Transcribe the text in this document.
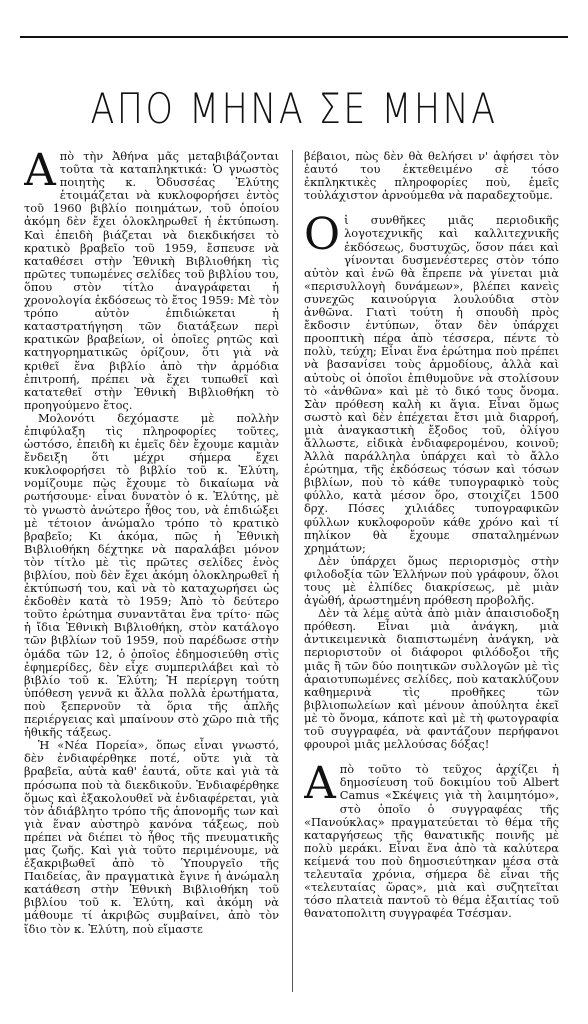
ΑΠΟ ΜΗΝΑ ΣΕ ΜΗΝΑ

Απὸ τὴν Ἀθήνα μᾶς μεταβιβάζονται τοῦτα τὰ καταπληκτικά: Ὁ γνωστὸς ποιητὴς κ. Ὀδυσσέας Ἐλύτης ἑτοιμάζεται νὰ κυκλοφορήσει ἐντὸς τοῦ 1960 βιβλίο ποιημάτων, τοῦ ὁποίου ἀκόμη δὲν ἔχει ὁλοκληρωθεῖ ἡ ἐκτύπωση. Καὶ ἐπειδὴ βιάζεται νὰ διεκδικήσει τὸ κρατικὸ βραβεῖο τοῦ 1959, ἔσπευσε νὰ καταθέσει στὴν Ἐθνικὴ Βιβλιοθήκη τὶς πρῶτες τυπωμένες σελίδες τοῦ βιβλίου του, ὅπου στὸν τίτλο ἀναγράφεται ἡ χρονολογία ἐκδόσεως τὸ ἔτος 1959: Μὲ τὸν τρόπο αὐτὸν ἐπιδιώκεται ἡ καταστρατήγηση τῶν διατάξεων περὶ κρατικῶν βραβείων, οἱ ὁποῖες ρητῶς καὶ κατηγορηματικῶς ὁρίζουν, ὅτι γιὰ νὰ κριθεῖ ἕνα βιβλίο ἀπὸ τὴν ἁρμόδια ἐπιτροπή, πρέπει νὰ ἔχει τυπωθεῖ καὶ κατατεθεῖ στὴν Ἐθνικὴ Βιβλιοθήκη τὸ προηγούμενο ἔτος.

Μολονότι δεχόμαστε μὲ πολλὴν ἐπιφύλαξη τὶς πληροφορίες τοῦτες, ὡστόσο, ἐπειδὴ κι ἐμεῖς δὲν ἔχουμε καμιὰν ἔνδειξη ὅτι μέχρι σήμερα ἔχει κυκλοφορήσει τὸ βιβλίο τοῦ κ. Ἐλύτη, νομίζουμε πὼς ἔχουμε τὸ δικαίωμα νὰ ρωτήσουμε· εἶναι δυνατὸν ὁ κ. Ἐλύτης, μὲ τὸ γνωστὸ ἀνώτερο ἦθος του, νὰ ἐπιδιώξει μὲ τέτοιον ἀνώμαλο τρόπο τὸ κρατικὸ βραβεῖο; Κι ἀκόμα, πῶς ἡ Ἐθνικὴ Βιβλιοθήκη δέχτηκε νὰ παραλάβει μόνον τὸν τίτλο μὲ τὶς πρῶτες σελίδες ἑνὸς βιβλίου, ποὺ δὲν ἔχει ἀκόμη ὁλοκληρωθεῖ ἡ ἐκτύπωσή του, καὶ νὰ τὸ καταχωρήσει ὡς ἐκδοθὲν κατὰ τὸ 1959; Ἀπὸ τὸ δεύτερο τοῦτο ἐρώτημα συναντᾶται ἕνα τρίτο· πῶς ἡ ἴδια Ἐθνικὴ Βιβλιοθήκη, στὸν κατάλογο τῶν βιβλίων τοῦ 1959, ποὺ παρέδωσε στὴν ὁμάδα τῶν 12, ὁ ὁποῖος ἐδημοσιεύθη στὶς ἐφημερίδες, δὲν εἶχε συμπεριλάβει καὶ τὸ βιβλίο τοῦ κ. Ἐλύτη; Ἡ περίεργη τούτη ὑπόθεση γεννᾶ κι ἄλλα πολλὰ ἐρωτήματα, ποὺ ξεπερνοῦν τὰ ὅρια τῆς ἁπλῆς περιέργειας καὶ μπαίνουν στὸ χῶρο πιὰ τῆς ἠθικῆς τάξεως.

Ἡ «Νέα Πορεία», ὅπως εἶναι γνωστό, δὲν ἐνδιαφέρθηκε ποτέ, οὔτε γιὰ τὰ βραβεῖα, αὐτὰ καθ' ἑαυτά, οὔτε καὶ γιὰ τὰ πρόσωπα ποὺ τὰ διεκδικοῦν. Ἐνδιαφέρθηκε ὅμως καὶ ἐξακολουθεῖ νὰ ἐνδιαφέρεται, γιὰ τὸν ἀδιάβλητο τρόπο τῆς ἀπονομῆς των καὶ γιὰ ἕναν αὐστηρὸ κανόνα τάξεως, ποὺ πρέπει νὰ διέπει τὸ ἦθος τῆς πνευματικῆς μας ζωῆς. Καὶ γιὰ τοῦτο περιμένουμε, νὰ ἐξακριβωθεῖ ἀπὸ τὸ Ὑπουργεῖο τῆς Παιδείας, ἂν πραγματικὰ ἔγινε ἡ ἀνώμαλη κατάθεση στὴν Ἐθνικὴ Βιβλιοθήκη τοῦ βιβλίου τοῦ κ. Ἐλύτη, καὶ ἀκόμη νὰ μάθουμε τί ἀκριβῶς συμβαίνει, ἀπὸ τὸν ἴδιο τὸν κ. Ἐλύτη, ποὺ εἴμαστε

βέβαιοι, πὼς δὲν θὰ θελήσει ν' ἀφήσει τὸν ἑαυτό του ἐκτεθειμένο σὲ τόσο ἐκπληκτικὲς πληροφορίες ποὺ, ἐμεῖς τοὐλάχιστον ἀρνούμεθα νὰ παραδεχτοῦμε.

Οἱ συνθῆκες μιᾶς περιοδικῆς λογοτεχνικῆς καὶ καλλιτεχνικῆς ἐκδόσεως, δυστυχῶς, ὅσον πάει καὶ γίνονται δυσμενέστερες στὸν τόπο αὐτὸν καὶ ἐνῶ θὰ ἔπρεπε νὰ γίνεται μιὰ «περισυλλογὴ δυνάμεων», βλέπει κανεὶς συνεχῶς καινούργια λουλούδια στὸν ἀνθῶνα. Γιατὶ τούτη ἡ σπουδὴ πρὸς ἔκδοσιν ἐντύπων, ὅταν δὲν ὑπάρχει προοπτικὴ πέρα ἀπὸ τέσσερα, πέντε τὸ πολὺ, τεύχη; Εἶναι ἕνα ἐρώτημα ποὺ πρέπει νὰ βασανίσει τοὺς ἁρμοδίους, ἀλλὰ καὶ αὐτοὺς οἱ ὁποῖοι ἐπιθυμοῦνε νὰ στολίσουν τὸ «ἀνθῶνα» καὶ μὲ τὸ δικό τους ὄνομα. Σὰν πρόθεση καλὴ κι ἅγια. Εἶναι ὅμως σωστὸ καὶ δὲν ἐπέχεται ἔτσι μιὰ διαρροή, μιὰ ἀναγκαστικὴ ἔξοδος τοῦ, ὀλίγου ἄλλωστε, εἰδικὰ ἐνδιαφερομένου, κοινοῦ; Ἀλλὰ παράλληλα ὑπάρχει καὶ τὸ ἄλλο ἐρώτημα, τῆς ἐκδόσεως τόσων καὶ τόσων βιβλίων, ποὺ τὸ κάθε τυπογραφικὸ τοὺς φύλλο, κατὰ μέσον ὅρο, στοιχίζει 1500 δρχ. Πόσες χιλιάδες τυπογραφικῶν φύλλων κυκλοφοροῦν κάθε χρόνο καὶ τί πηλίκον θὰ ἔχουμε σπαταλημένων χρημάτων;

Δὲν ὑπάρχει ὅμως περιορισμὸς στὴν φιλοδοξία τῶν Ἑλλήνων ποὺ γράφουν, ὅλοι τους μὲ ἐλπίδες διακρίσεως, μὲ μιὰν ἀγὼθή, ἀρωστημένη πρόθεση προβολῆς.

Δὲν τὰ λέμε αὐτὰ ἀπὸ μιὰν ἀπαισιοδοξη πρόθεση. Εἶναι μιὰ ἀνάγκη, μιὰ ἀντικειμενικὰ διαπιστωμένη ἀνάγκη, νὰ περιοριστοῦν οἱ διάφοροι φιλόδοξοι τῆς μιᾶς ἢ τῶν δύο ποιητικῶν συλλογῶν μὲ τὶς ἀραιοτυπωμένες σελίδες, ποὺ κατακλύζουν καθημερινὰ τὶς προθῆκες τῶν βιβλιοπωλείων καὶ μένουν ἀπούλητα ἐκεῖ μὲ τὸ ὄνομα, κάποτε καὶ μὲ τὴ φωτογραφία τοῦ συγγραφέα, νὰ φαντάζουν περήφανοι φρουροὶ μιᾶς μελλούσας δόξας!

Απὸ τοῦτο τὸ τεῦχος ἀρχίζει ἡ δημοσίευση τοῦ δοκιμίου τοῦ Albert Camus «Σκέψεις γιὰ τὴ λαιμητόμο», στὸ ὁποῖο ὁ συγγραφέας τῆς «Πανούκλας» πραγματεύεται τὸ θέμα τῆς καταργήσεως τῆς θανατικῆς ποινῆς μὲ πολὺ μεράκι. Εἶναι ἕνα ἀπὸ τὰ καλύτερα κείμενά του ποὺ δημοσιεύτηκαν μέσα στὰ τελευταῖα χρόνια, σήμερα δὲ εἶναι τῆς «τελευταίας ὥρας», μιὰ καὶ συζητεῖται τόσο πλατειὰ παντοῦ τὸ θέμα ἐξαιτίας τοῦ θανατοπολιτη συγγραφέα Τσέσμαν.
